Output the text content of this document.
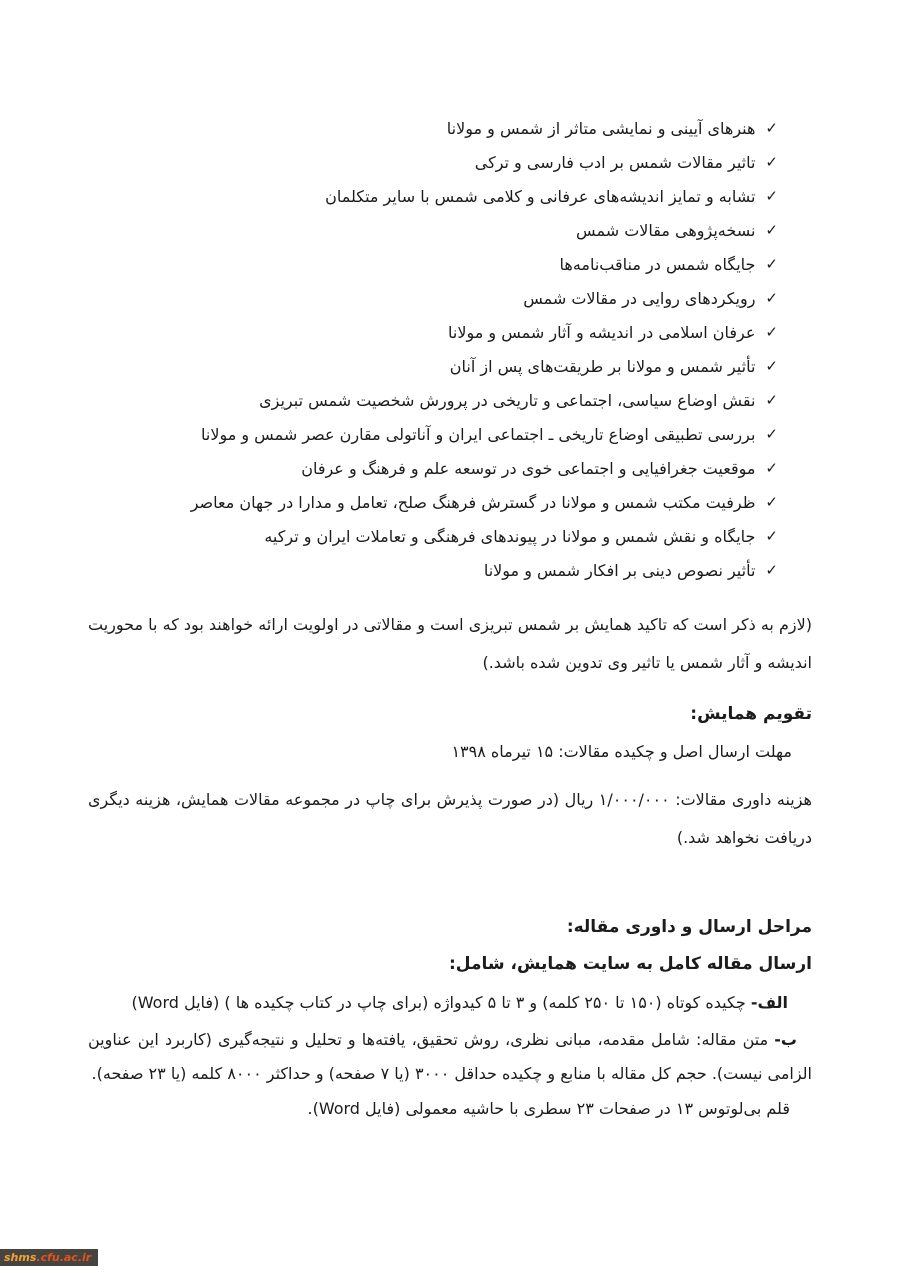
✓
هنرهای آیینی و نمایشی متاثر از شمس و مولانا
✓
تاثیر مقالات شمس بر ادب فارسی و ترکی
✓
تشابه و تمایز اندیشه‌های عرفانی و کلامی شمس با سایر متکلمان
✓
نسخه‌پژوهی مقالات شمس
✓
جایگاه شمس در مناقب‌نامه‌ها
✓
رویکردهای روایی در مقالات شمس
✓
عرفان اسلامی در اندیشه و آثار شمس و مولانا
✓
تأثیر شمس و مولانا بر طریقت‌های پس از آنان
✓
نقش اوضاع سیاسی، اجتماعی و تاریخی در پرورش شخصیت شمس تبریزی
✓
بررسی تطبیقی اوضاع تاریخی ـ اجتماعی ایران و آناتولی مقارن عصر شمس و مولانا
✓
موقعیت جغرافیایی و اجتماعی خوی در توسعه علم و فرهنگ و عرفان
✓
ظرفیت مکتب شمس و مولانا در گسترش فرهنگ صلح، تعامل و مدارا در جهان معاصر
✓
جایگاه و نقش شمس و مولانا در پیوندهای فرهنگی و تعاملات ایران و ترکیه
✓
تأثیر نصوص دینی بر افکار شمس و مولانا

(لازم به ذکر است که تاکید همایش بر شمس تبریزی است و مقالاتی در اولویت ارائه خواهند بود که با محوریت اندیشه و آثار شمس یا تاثیر وی تدوین شده باشد.)

تقویم همایش:

مهلت ارسال اصل و چکیده مقالات: ۱۵ تیرماه ۱۳۹۸

هزینه داوری مقالات: ۱/۰۰۰/۰۰۰ ریال (در صورت پذیرش برای چاپ در مجموعه مقالات همایش، هزینه دیگری دریافت نخواهد شد.)

مراحل ارسال و داوری مقاله:

ارسال مقاله کامل به سایت همایش، شامل:

الف- چکیده کوتاه (۱۵۰ تا ۲۵۰ کلمه) و ۳ تا ۵ کیدواژه (برای چاپ در کتاب چکیده ها ) (فایل Word)

ب- متن مقاله: شامل مقدمه، مبانی نظری، روش تحقیق، یافته‌ها و تحلیل و نتیجه‌گیری (کاربرد این عناوین الزامی نیست). حجم کل مقاله با منابع و چکیده حداقل ۳۰۰۰ (یا ۷ صفحه) و حداکثر ۸۰۰۰ کلمه (یا ۲۳ صفحه).

قلم بی‌لوتوس ۱۳ در صفحات ۲۳ سطری با حاشیه معمولی (فایل Word).

shms .cfu.ac.ir
